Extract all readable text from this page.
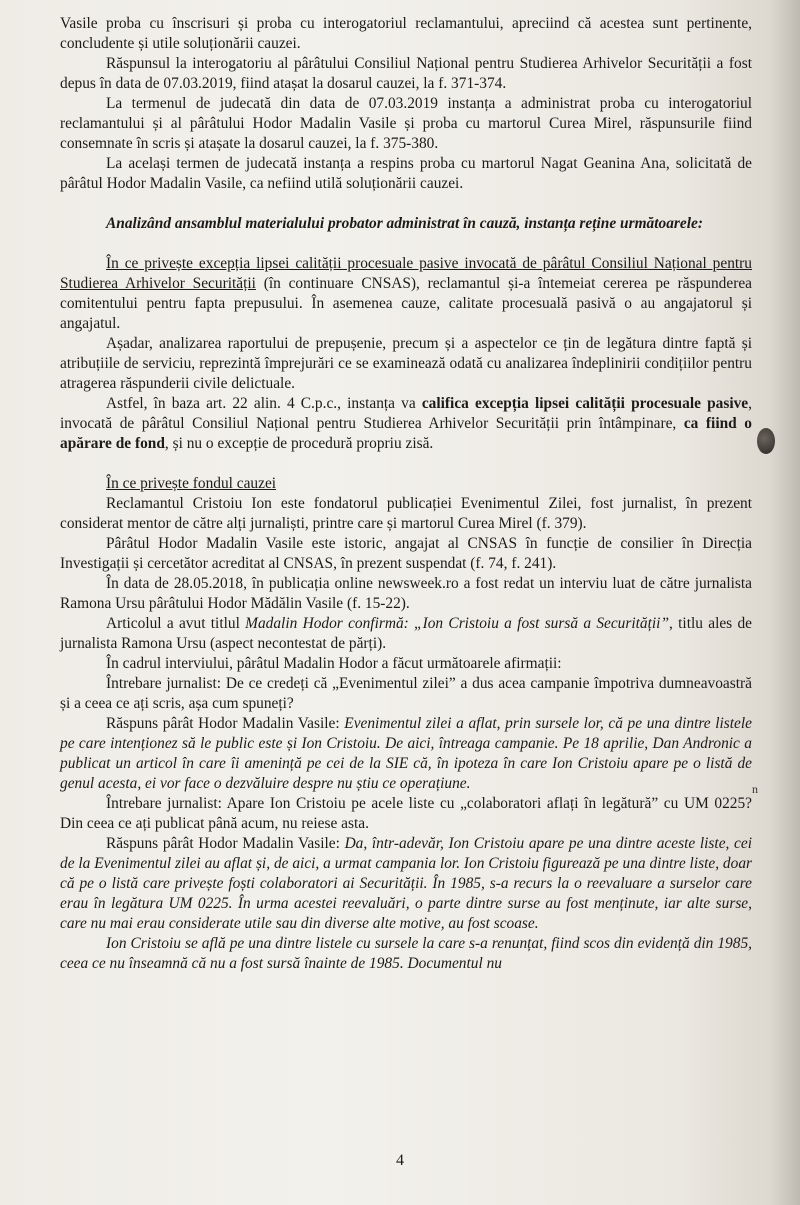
n

Vasile proba cu înscrisuri și proba cu interogatoriul reclamantului, apreciind că acestea sunt pertinente, concludente și utile soluționării cauzei.

Răspunsul la interogatoriu al pârâtului Consiliul Național pentru Studierea Arhivelor Securității a fost depus în data de 07.03.2019, fiind atașat la dosarul cauzei, la f. 371-374.

La termenul de judecată din data de 07.03.2019 instanța a administrat proba cu interogatoriul reclamantului și al pârâtului Hodor Madalin Vasile și proba cu martorul Curea Mirel, răspunsurile fiind consemnate în scris și atașate la dosarul cauzei, la f. 375-380.

La același termen de judecată instanța a respins proba cu martorul Nagat Geanina Ana, solicitată de pârâtul Hodor Madalin Vasile, ca nefiind utilă soluționării cauzei.

Analizând ansamblul materialului probator administrat în cauză, instanța reține următoarele:

În ce privește excepția lipsei calității procesuale pasive invocată de pârâtul Consiliul Național pentru Studierea Arhivelor Securității (în continuare CNSAS), reclamantul și-a întemeiat cererea pe răspunderea comitentului pentru fapta prepusului. În asemenea cauze, calitate procesuală pasivă o au angajatorul și angajatul.

Așadar, analizarea raportului de prepușenie, precum și a aspectelor ce țin de legătura dintre faptă și atribuțiile de serviciu, reprezintă împrejurări ce se examinează odată cu analizarea îndeplinirii condițiilor pentru atragerea răspunderii civile delictuale.

Astfel, în baza art. 22 alin. 4 C.p.c., instanța va califica excepția lipsei calității procesuale pasive, invocată de pârâtul Consiliul Național pentru Studierea Arhivelor Securității prin întâmpinare, ca fiind o apărare de fond, și nu o excepție de procedură propriu zisă.

În ce privește fondul cauzei

Reclamantul Cristoiu Ion este fondatorul publicației Evenimentul Zilei, fost jurnalist, în prezent considerat mentor de către alți jurnaliști, printre care și martorul Curea Mirel (f. 379).

Pârâtul Hodor Madalin Vasile este istoric, angajat al CNSAS în funcție de consilier în Direcția Investigații și cercetător acreditat al CNSAS, în prezent suspendat (f. 74, f. 241).

În data de 28.05.2018, în publicația online newsweek.ro a fost redat un interviu luat de către jurnalista Ramona Ursu pârâtului Hodor Mădălin Vasile (f. 15-22).

Articolul a avut titlul Madalin Hodor confirmă: „Ion Cristoiu a fost sursă a Securității”, titlu ales de jurnalista Ramona Ursu (aspect necontestat de părți).

În cadrul interviului, pârâtul Madalin Hodor a făcut următoarele afirmații:

Întrebare jurnalist: De ce credeți că „Evenimentul zilei” a dus acea campanie împotriva dumneavoastră și a ceea ce ați scris, așa cum spuneți?

Răspuns pârât Hodor Madalin Vasile: Evenimentul zilei a aflat, prin sursele lor, că pe una dintre listele pe care intenționez să le public este și Ion Cristoiu. De aici, întreaga campanie. Pe 18 aprilie, Dan Andronic a publicat un articol în care îi amenință pe cei de la SIE că, în ipoteza în care Ion Cristoiu apare pe o listă de genul acesta, ei vor face o dezvăluire despre nu știu ce operațiune.

Întrebare jurnalist: Apare Ion Cristoiu pe acele liste cu „colaboratori aflați în legătură” cu UM 0225? Din ceea ce ați publicat până acum, nu reiese asta.

Răspuns pârât Hodor Madalin Vasile: Da, într-adevăr, Ion Cristoiu apare pe una dintre aceste liste, cei de la Evenimentul zilei au aflat și, de aici, a urmat campania lor. Ion Cristoiu figurează pe una dintre liste, doar că pe o listă care privește foști colaboratori ai Securității. În 1985, s-a recurs la o reevaluare a surselor care erau în legătura UM 0225. În urma acestei reevaluări, o parte dintre surse au fost menținute, iar alte surse, care nu mai erau considerate utile sau din diverse alte motive, au fost scoase.

Ion Cristoiu se află pe una dintre listele cu sursele la care s-a renunțat, fiind scos din evidență din 1985, ceea ce nu înseamnă că nu a fost sursă înainte de 1985. Documentul nu

4
